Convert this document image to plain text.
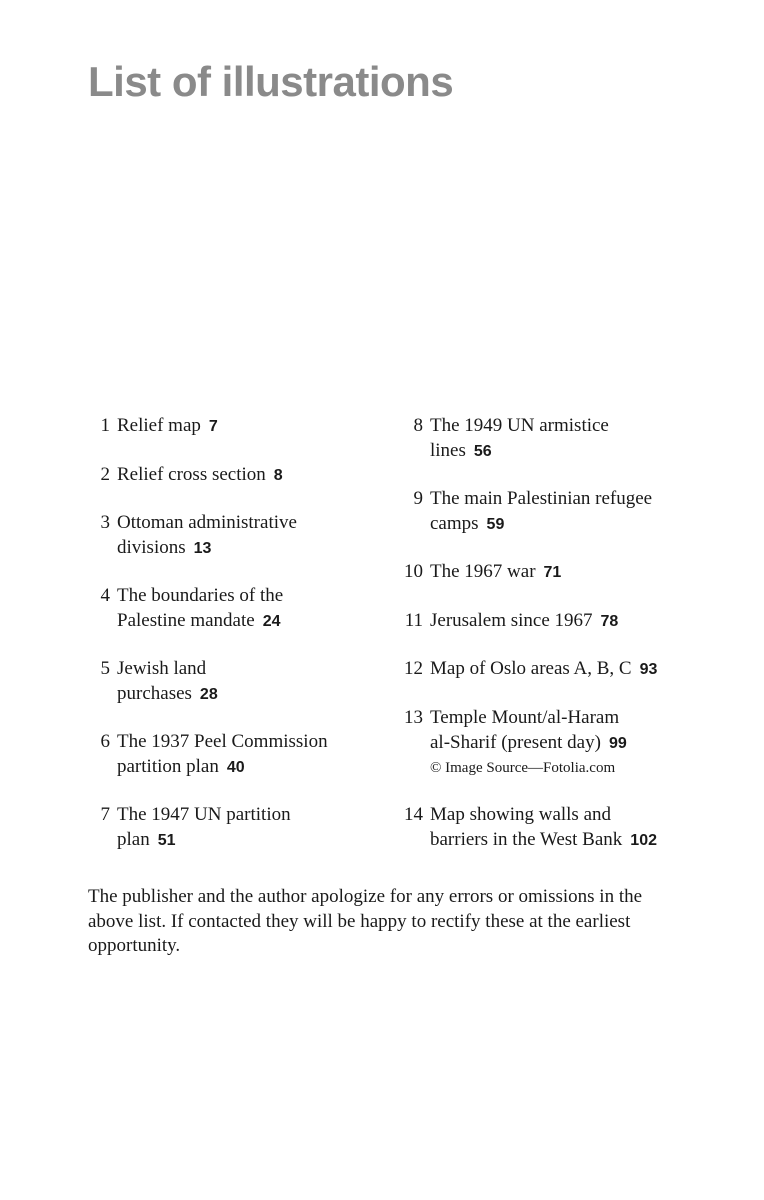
List of illustrations
1 Relief map 7
2 Relief cross section 8
3 Ottoman administrative
divisions 13
4 The boundaries of the
Palestine mandate 24
5 Jewish land
purchases 28
6 The 1937 Peel Commission
partition plan 40
7 The 1947 UN partition
plan 51
8 The 1949 UN armistice
lines 56
9 The main Palestinian refugee
camps 59
10 The 1967 war 71
11 Jerusalem since 1967 78
12 Map of Oslo areas A, B, C 93
13 Temple Mount/al-Haram
al-Sharif (present day) 99
© Image Source—Fotolia.com
14 Map showing walls and
barriers in the West Bank 102

The publisher and the author apologize for any errors or omissions in the above list. If contacted they will be happy to rectify these at the earliest opportunity.
